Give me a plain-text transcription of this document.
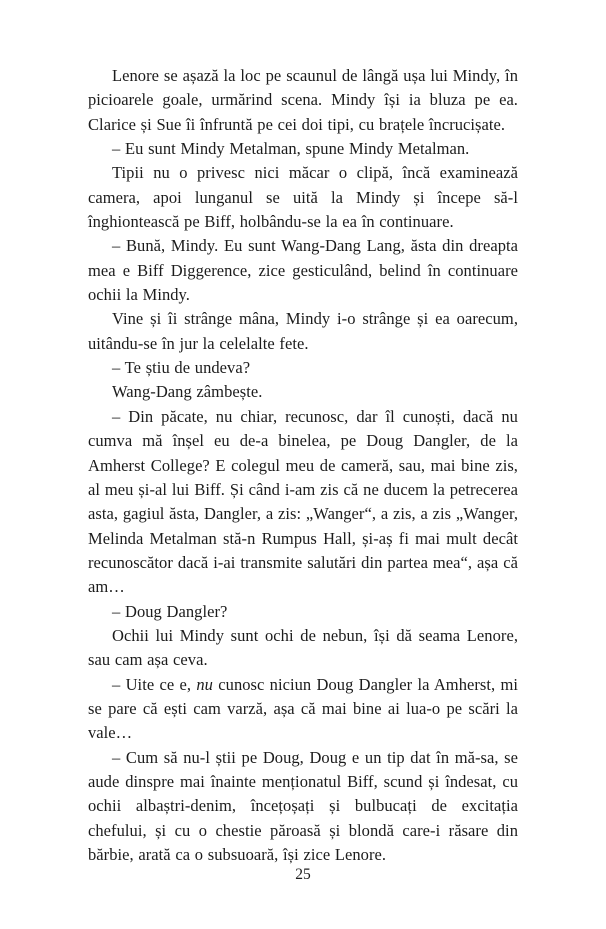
Lenore se așază la loc pe scaunul de lângă ușa lui Mindy, în picioarele goale, urmărind scena. Mindy își ia bluza pe ea. Clarice și Sue îi înfruntă pe cei doi tipi, cu brațele încrucișate.

– Eu sunt Mindy Metalman, spune Mindy Metalman.

Tipii nu o privesc nici măcar o clipă, încă examinează camera, apoi lunganul se uită la Mindy și începe să-l înghiontească pe Biff, holbându-se la ea în continuare.

– Bună, Mindy. Eu sunt Wang-Dang Lang, ăsta din dreapta mea e Biff Diggerence, zice gesticulând, belind în continuare ochii la Mindy.

Vine și îi strânge mâna, Mindy i-o strânge și ea oarecum, uitându-se în jur la celelalte fete.

– Te știu de undeva?

Wang-Dang zâmbește.

– Din păcate, nu chiar, recunosc, dar îl cunoști, dacă nu cumva mă înșel eu de-a binelea, pe Doug Dangler, de la Amherst College? E colegul meu de cameră, sau, mai bine zis, al meu și-al lui Biff. Și când i-am zis că ne ducem la petrecerea asta, gagiul ăsta, Dangler, a zis: „Wanger“, a zis, a zis „Wanger, Melinda Metalman stă-n Rumpus Hall, și-aș fi mai mult decât recunoscător dacă i-ai transmite salutări din partea mea“, așa că am…

– Doug Dangler?

Ochii lui Mindy sunt ochi de nebun, își dă seama Lenore, sau cam așa ceva.

– Uite ce e, nu cunosc niciun Doug Dangler la Amherst, mi se pare că ești cam varză, așa că mai bine ai lua-o pe scări la vale…

– Cum să nu-l știi pe Doug, Doug e un tip dat în mă-sa, se aude dinspre mai înainte menționatul Biff, scund și îndesat, cu ochii albaștri-denim, încețoșați și bulbucați de excitația chefului, și cu o chestie păroasă și blondă care-i răsare din bărbie, arată ca o subsuoară, își zice Lenore.

25
